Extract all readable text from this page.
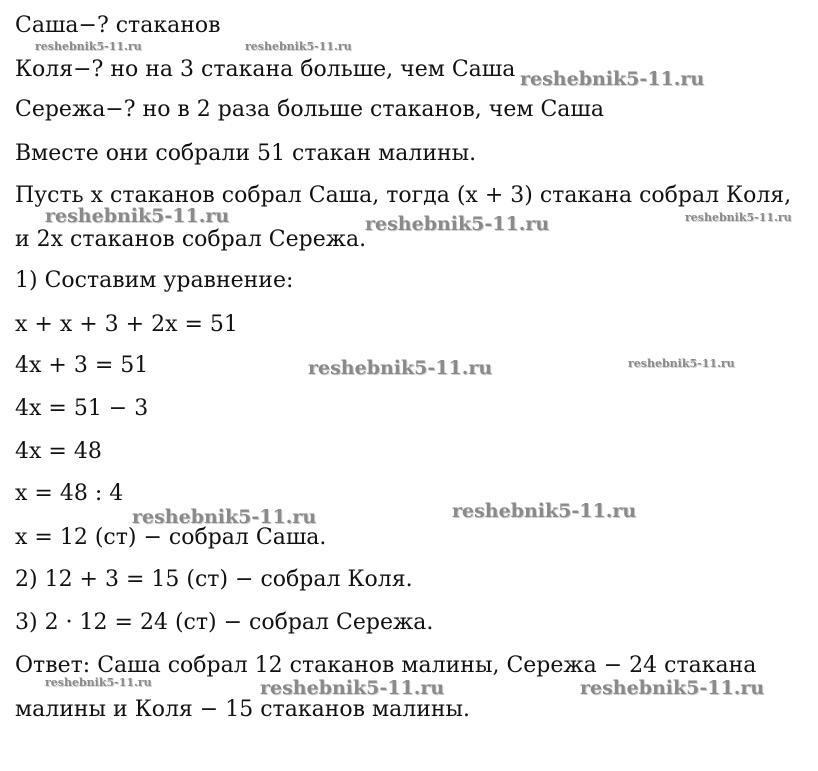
Саша−? стаканов
Коля−? но на 3 стакана больше, чем Саша
Сережа−? но в 2 раза больше стаканов, чем Саша
Вместе они собрали 51 стакан малины.
Пусть x стаканов собрал Саша, тогда (x + 3) стакана собрал Коля,
и 2x стаканов собрал Сережа.
1) Составим уравнение:
x + x + 3 + 2x = 51
4x + 3 = 51
4x = 51 − 3
4x = 48
x = 48 : 4
x = 12 (ст) − собрал Саша.
2) 12 + 3 = 15 (ст) − собрал Коля.
3) 2 · 12 = 24 (ст) − собрал Сережа.
Ответ: Саша собрал 12 стаканов малины, Сережа − 24 стакана
малины и Коля − 15 стаканов малины.
reshebnik5-11.ru	reshebnik5-11.ru
reshebnik5-11.ru
reshebnik5-11.ru	reshebnik5-11.ru	reshebnik5-11.ru
reshebnik5-11.ru	reshebnik5-11.ru
reshebnik5-11.ru	reshebnik5-11.ru
reshebnik5-11.ru	reshebnik5-11.ru	reshebnik5-11.ru
